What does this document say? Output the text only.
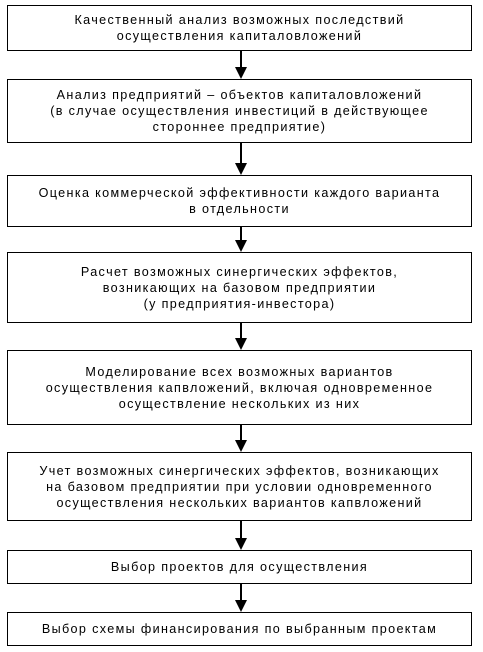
Качественный анализ возможных последствий
осуществления капиталовложений
Анализ предприятий – объектов капиталовложений
(в случае осуществления инвестиций в действующее
стороннее предприятие)
Оценка коммерческой эффективности каждого варианта
в отдельности
Расчет возможных синергических эффектов,
возникающих на базовом предприятии
(у предприятия-инвестора)
Моделирование всех возможных вариантов
осуществления капвложений, включая одновременное
осуществление нескольких из них
Учет возможных синергических эффектов, возникающих
на базовом предприятии при условии одновременного
осуществления нескольких вариантов капвложений
Выбор проектов для осуществления
Выбор схемы финансирования по выбранным проектам
